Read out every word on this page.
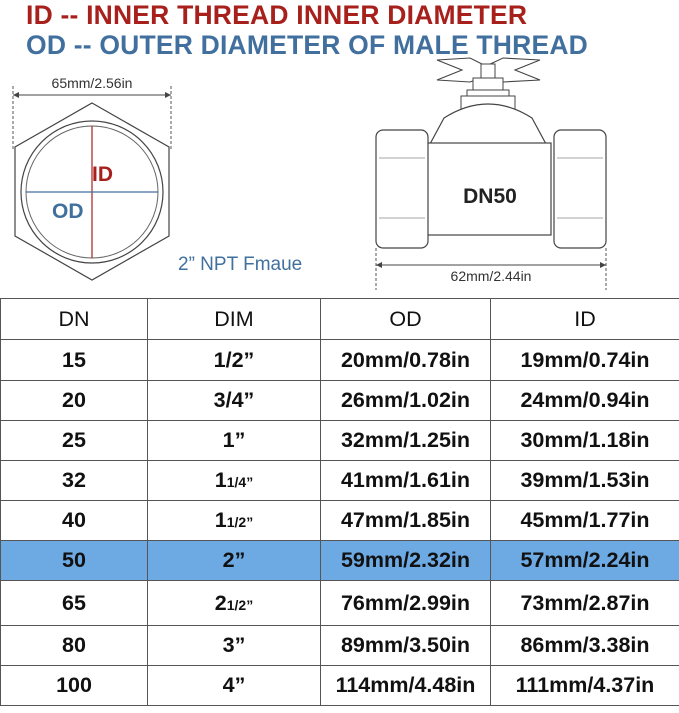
ID -- INNER THREAD INNER DIAMETER
OD -- OUTER DIAMETER OF MALE THREAD
65mm/2.56in
ID
OD
2” NPT Fmaue
DN50
62mm/2.44in
DN	DIM	OD	ID
15	1/2”	20mm/0.78in	19mm/0.74in
20	3/4”	26mm/1.02in	24mm/0.94in
25	1”	32mm/1.25in	30mm/1.18in
32	11/4”	41mm/1.61in	39mm/1.53in
40	11/2”	47mm/1.85in	45mm/1.77in
50	2”	59mm/2.32in	57mm/2.24in
65	21/2”	76mm/2.99in	73mm/2.87in
80	3”	89mm/3.50in	86mm/3.38in
100	4”	114mm/4.48in	111mm/4.37in
